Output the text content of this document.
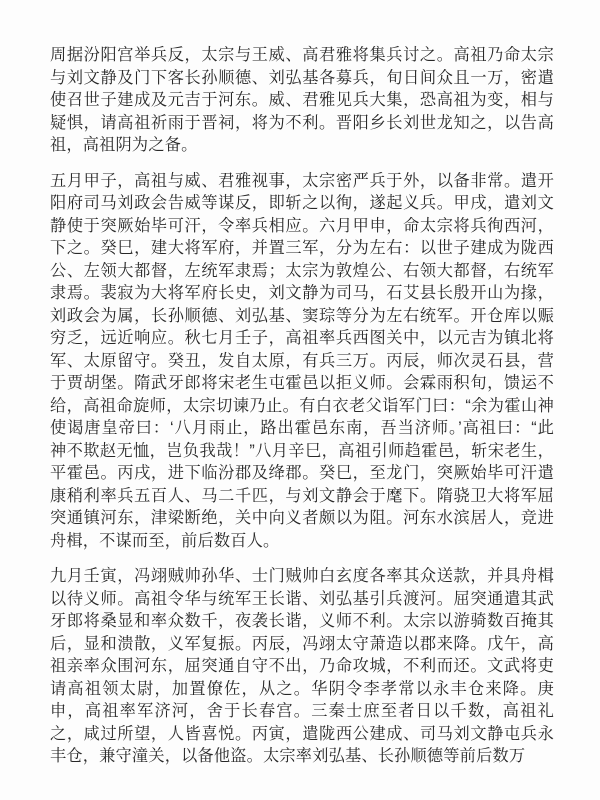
周据汾阳宫举兵反，太宗与王威、高君雅将集兵讨之。高祖乃命太宗
与刘文静及门下客长孙顺德、刘弘基各募兵，旬日间众且一万，密遣
使召世子建成及元吉于河东。威、君雅见兵大集，恐高祖为变，相与
疑惧，请高祖祈雨于晋祠，将为不利。晋阳乡长刘世龙知之，以告高
祖，高祖阴为之备。
五月甲子，高祖与威、君雅视事，太宗密严兵于外，以备非常。遣开
阳府司马刘政会告威等谋反，即斩之以徇，遂起义兵。甲戌，遣刘文
静使于突厥始毕可汗，令率兵相应。六月甲申，命太宗将兵徇西河，
下之。癸巳，建大将军府，并置三军，分为左右：以世子建成为陇西
公、左领大都督，左统军隶焉；太宗为敦煌公、右领大都督，右统军
隶焉。裴寂为大将军府长史，刘文静为司马，石艾县长殷开山为掾，
刘政会为属，长孙顺德、刘弘基、窦琮等分为左右统军。开仓库以赈
穷乏，远近响应。秋七月壬子，高祖率兵西图关中，以元吉为镇北将
军、太原留守。癸丑，发自太原，有兵三万。丙辰，师次灵石县，营
于贾胡堡。隋武牙郎将宋老生屯霍邑以拒义师。会霖雨积旬，馈运不
给，高祖命旋师，太宗切谏乃止。有白衣老父诣军门曰：“余为霍山神
使谒唐皇帝曰：‘八月雨止，路出霍邑东南，吾当济师。’高祖曰：“此
神不欺赵无恤，岂负我哉！”八月辛巳，高祖引师趋霍邑，斩宋老生，
平霍邑。丙戌，进下临汾郡及绛郡。癸巳，至龙门，突厥始毕可汗遣
康稍利率兵五百人、马二千匹，与刘文静会于麾下。隋骁卫大将军屈
突通镇河东，津梁断绝，关中向义者颇以为阻。河东水滨居人，竞进
舟楫，不谋而至，前后数百人。
九月壬寅，冯翊贼帅孙华、士门贼帅白玄度各率其众送款，并具舟楫
以待义师。高祖令华与统军王长谐、刘弘基引兵渡河。屈突通遣其武
牙郎将桑显和率众数千，夜袭长谐，义师不利。太宗以游骑数百掩其
后，显和溃散，义军复振。丙辰，冯翊太守萧造以郡来降。戊午，高
祖亲率众围河东，屈突通自守不出，乃命攻城，不利而还。文武将吏
请高祖领太尉，加置僚佐，从之。华阴令李孝常以永丰仓来降。庚
申，高祖率军济河，舍于长春宫。三秦士庶至者日以千数，高祖礼
之，咸过所望，人皆喜悦。丙寅，遣陇西公建成、司马刘文静屯兵永
丰仓，兼守潼关，以备他盗。太宗率刘弘基、长孙顺德等前后数万
